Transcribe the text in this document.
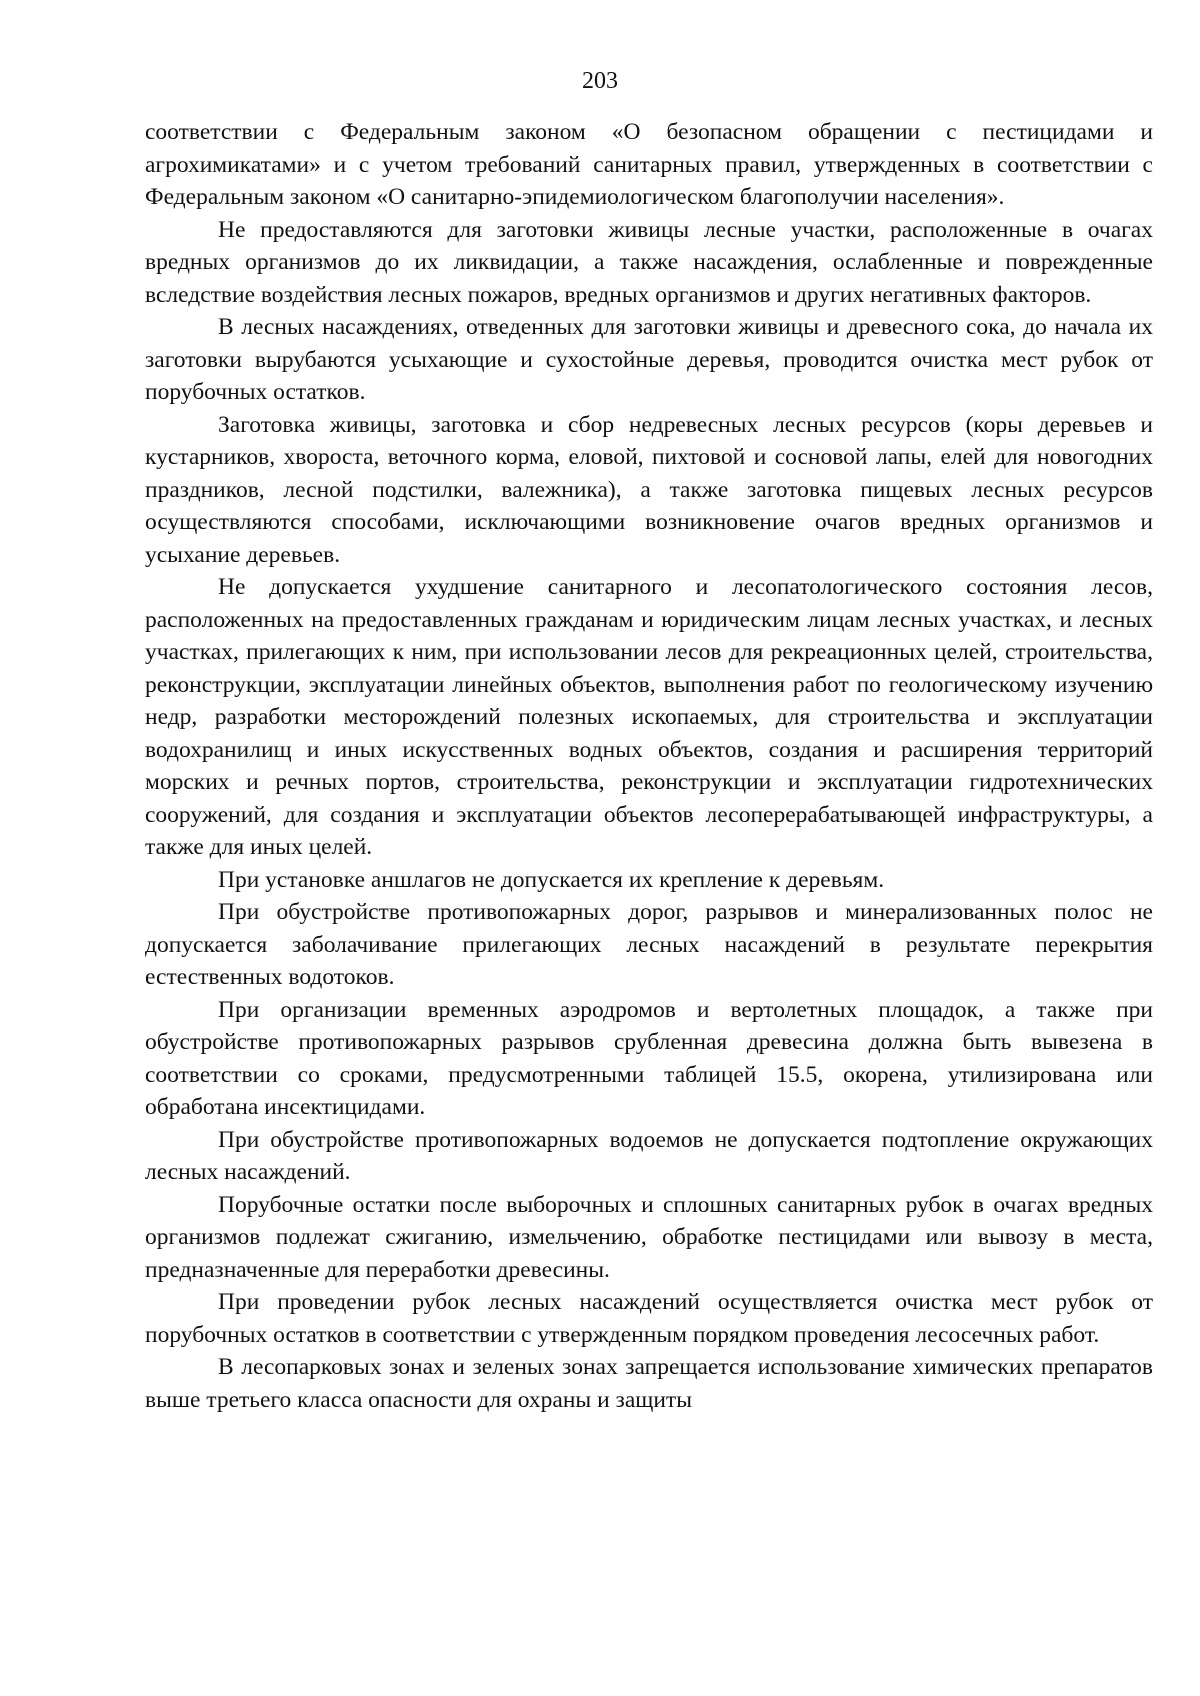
203

соответствии с Федеральным законом «О безопасном обращении с пестицидами и агрохимикатами» и с учетом требований санитарных правил, утвержденных в соответствии с Федеральным законом «О санитарно-эпидемиологическом благополучии населения».

Не предоставляются для заготовки живицы лесные участки, расположенные в очагах вредных организмов до их ликвидации, а также насаждения, ослабленные и поврежденные вследствие воздействия лесных пожаров, вредных организмов и других негативных факторов.

В лесных насаждениях, отведенных для заготовки живицы и древесного сока, до начала их заготовки вырубаются усыхающие и сухостойные деревья, проводится очистка мест рубок от порубочных остатков.

Заготовка живицы, заготовка и сбор недревесных лесных ресурсов (коры деревьев и кустарников, хвороста, веточного корма, еловой, пихтовой и сосновой лапы, елей для новогодних праздников, лесной подстилки, валежника), а также заготовка пищевых лесных ресурсов осуществляются способами, исключающими возникновение очагов вредных организмов и усыхание деревьев.

Не допускается ухудшение санитарного и лесопатологического состояния лесов, расположенных на предоставленных гражданам и юридическим лицам лесных участках, и лесных участках, прилегающих к ним, при использовании лесов для рекреационных целей, строительства, реконструкции, эксплуатации линейных объектов, выполнения работ по геологическому изучению недр, разработки месторождений полезных ископаемых, для строительства и эксплуатации водохранилищ и иных искусственных водных объектов, создания и расширения территорий морских и речных портов, строительства, реконструкции и эксплуатации гидротехнических сооружений, для создания и эксплуатации объектов лесоперерабатывающей инфраструктуры, а также для иных целей.

При установке аншлагов не допускается их крепление к деревьям.

При обустройстве противопожарных дорог, разрывов и минерализованных полос не допускается заболачивание прилегающих лесных насаждений в результате перекрытия естественных водотоков.

При организации временных аэродромов и вертолетных площадок, а также при обустройстве противопожарных разрывов срубленная древесина должна быть вывезена в соответствии со сроками, предусмотренными таблицей 15.5, окорена, утилизирована или обработана инсектицидами.

При обустройстве противопожарных водоемов не допускается подтопление окружающих лесных насаждений.

Порубочные остатки после выборочных и сплошных санитарных рубок в очагах вредных организмов подлежат сжиганию, измельчению, обработке пестицидами или вывозу в места, предназначенные для переработки древесины.

При проведении рубок лесных насаждений осуществляется очистка мест рубок от порубочных остатков в соответствии с утвержденным порядком проведения лесосечных работ.

В лесопарковых зонах и зеленых зонах запрещается использование химических препаратов выше третьего класса опасности для охраны и защиты
